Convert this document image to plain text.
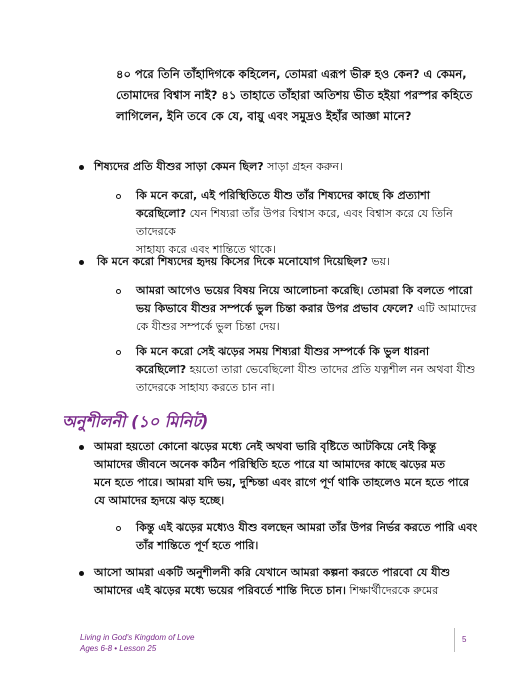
৪০ পরে তিনি তাঁহাদিগকে কহিলেন, তোমরা এরূপ ভীরু হও কেন? এ কেমন,
তোমাদের বিশ্বাস নাই? ৪১ তাহাতে তাঁহারা অতিশয় ভীত হইয়া পরস্পর কহিতে
লাগিলেন, ইনি তবে কে যে, বায়ু এবং সমুদ্রও ইহাঁর আজ্ঞা মানে?
শিষ্যদের প্রতি যীশুর সাড়া কেমন ছিল? সাড়া গ্রহন করুন।
কি মনে করো, এই পরিস্থিতিতে যীশু তাঁর শিষ্যদের কাছে কি প্রত্যাশা
করেছিলো? যেন শিষ্যরা তাঁর উপর বিশ্বাস করে, এবং বিশ্বাস করে যে তিনি তাদেরকে
সাহায্য করে এবং শান্তিতে থাকে।
কি মনে করো শিষ্যদের হৃদয় কিসের দিকে মনোযোগ দিয়েছিল? ভয়।
আমরা আগেও ভয়ের বিষয় নিয়ে আলোচনা করেছি। তোমরা কি বলতে পারো
ভয় কিভাবে যীশুর সম্পর্কে ভুল চিন্তা করার উপর প্রভাব ফেলে? এটি আমাদের
কে যীশুর সম্পর্কে ভুল চিন্তা দেয়।
কি মনে করো সেই ঝড়ের সময় শিষ্যরা যীশুর সম্পর্কে কি ভুল ধারনা
করেছিলো? হয়তো তারা ভেবেছিলো যীশু তাদের প্রতি যত্নশীল নন অথবা যীশু
তাদেরকে সাহায্য করতে চান না।
অনুশীলনী (১০ মিনিট)
আমরা হয়তো কোনো ঝড়ের মধ্যে নেই অথবা ভারি বৃষ্টিতে আটকিয়ে নেই কিন্তু
আমাদের জীবনে অনেক কঠিন পরিস্থিতি হতে পারে যা আমাদের কাছে ঝড়ের মত
মনে হতে পারে। আমরা যদি ভয়, দুশ্চিন্তা এবং রাগে পূর্ণ থাকি তাহলেও মনে হতে পারে
যে আমাদের হৃদয়ে ঝড় হচ্ছে।
কিন্তু এই ঝড়ের মধ্যেও যীশু বলছেন আমরা তাঁর উপর নির্ভর করতে পারি এবং
তাঁর শান্তিতে পূর্ণ হতে পারি।
আসো আমরা একটি অনুশীলনী করি যেখানে আমরা কল্পনা করতে পারবো যে যীশু
আমাদের এই ঝড়ের মধ্যে ভয়ের পরিবর্তে শান্তি দিতে চান। শিক্ষার্থীদেরকে রুমের
Living in God's Kingdom of Love
Ages 6-8 • Lesson 25
5
